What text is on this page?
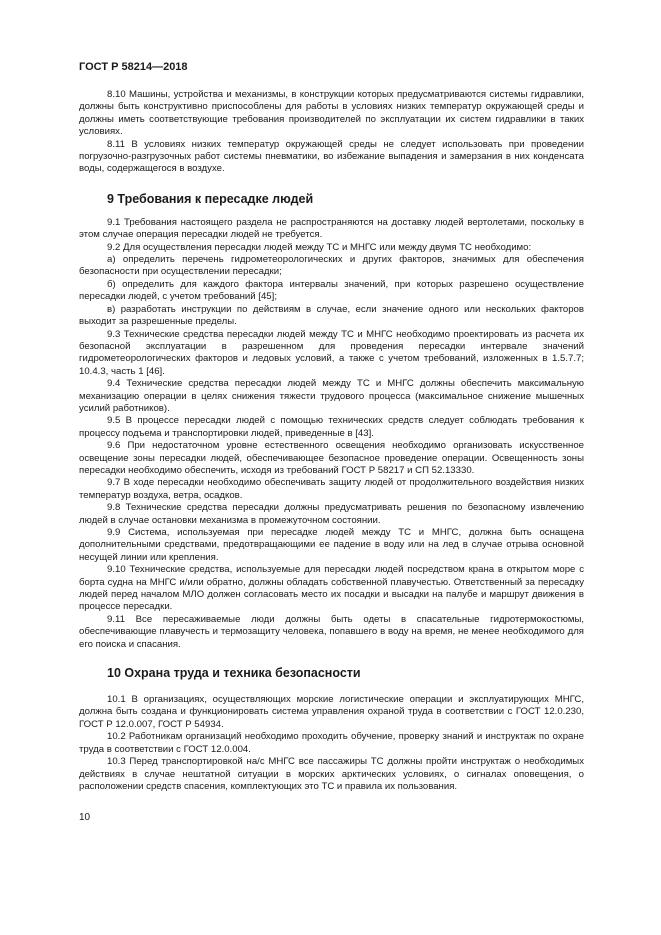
ГОСТ Р 58214—2018

8.10 Машины, устройства и механизмы, в конструкции которых предусматриваются системы гидравлики, должны быть конструктивно приспособлены для работы в условиях низких температур окружающей среды и должны иметь соответствующие требования производителей по эксплуатации их систем гидравлики в таких условиях.

8.11 В условиях низких температур окружающей среды не следует использовать при проведении погрузочно-разгрузочных работ системы пневматики, во избежание выпадения и замерзания в них конденсата воды, содержащегося в воздухе.

9 Требования к пересадке людей

9.1 Требования настоящего раздела не распространяются на доставку людей вертолетами, поскольку в этом случае операция пересадки людей не требуется.

9.2 Для осуществления пересадки людей между ТС и МНГС или между двумя ТС необходимо:

а) определить перечень гидрометеорологических и других факторов, значимых для обеспечения безопасности при осуществлении пересадки;

б) определить для каждого фактора интервалы значений, при которых разрешено осуществление пересадки людей, с учетом требований [45];

в) разработать инструкции по действиям в случае, если значение одного или нескольких факторов выходит за разрешенные пределы.

9.3 Технические средства пересадки людей между ТС и МНГС необходимо проектировать из расчета их безопасной эксплуатации в разрешенном для проведения пересадки интервале значений гидрометеорологических факторов и ледовых условий, а также с учетом требований, изложенных в 1.5.7.7; 10.4.3, часть 1 [46].

9.4 Технические средства пересадки людей между ТС и МНГС должны обеспечить максимальную механизацию операции в целях снижения тяжести трудового процесса (максимальное снижение мышечных усилий работников).

9.5 В процессе пересадки людей с помощью технических средств следует соблюдать требования к процессу подъема и транспортировки людей, приведенные в [43].

9.6 При недостаточном уровне естественного освещения необходимо организовать искусственное освещение зоны пересадки людей, обеспечивающее безопасное проведение операции. Освещенность зоны пересадки необходимо обеспечить, исходя из требований ГОСТ Р 58217 и СП 52.13330.

9.7 В ходе пересадки необходимо обеспечивать защиту людей от продолжительного воздействия низких температур воздуха, ветра, осадков.

9.8 Технические средства пересадки должны предусматривать решения по безопасному извлечению людей в случае остановки механизма в промежуточном состоянии.

9.9 Система, используемая при пересадке людей между ТС и МНГС, должна быть оснащена дополнительными средствами, предотвращающими ее падение в воду или на лед в случае отрыва основной несущей линии или крепления.

9.10 Технические средства, используемые для пересадки людей посредством крана в открытом море с борта судна на МНГС и/или обратно, должны обладать собственной плавучестью. Ответственный за пересадку людей перед началом МЛО должен согласовать место их посадки и высадки на палубе и маршрут движения в процессе пересадки.

9.11 Все пересаживаемые люди должны быть одеты в спасательные гидротермокостюмы, обеспечивающие плавучесть и термозащиту человека, попавшего в воду на время, не менее необходимого для его поиска и спасания.

10 Охрана труда и техника безопасности

10.1 В организациях, осуществляющих морские логистические операции и эксплуатирующих МНГС, должна быть создана и функционировать система управления охраной труда в соответствии с ГОСТ 12.0.230, ГОСТ Р 12.0.007, ГОСТ Р 54934.

10.2 Работникам организаций необходимо проходить обучение, проверку знаний и инструктаж по охране труда в соответствии с ГОСТ 12.0.004.

10.3 Перед транспортировкой на/с МНГС все пассажиры ТС должны пройти инструктаж о необходимых действиях в случае нештатной ситуации в морских арктических условиях, о сигналах оповещения, о расположении средств спасения, комплектующих это ТС и правила их пользования.

10
